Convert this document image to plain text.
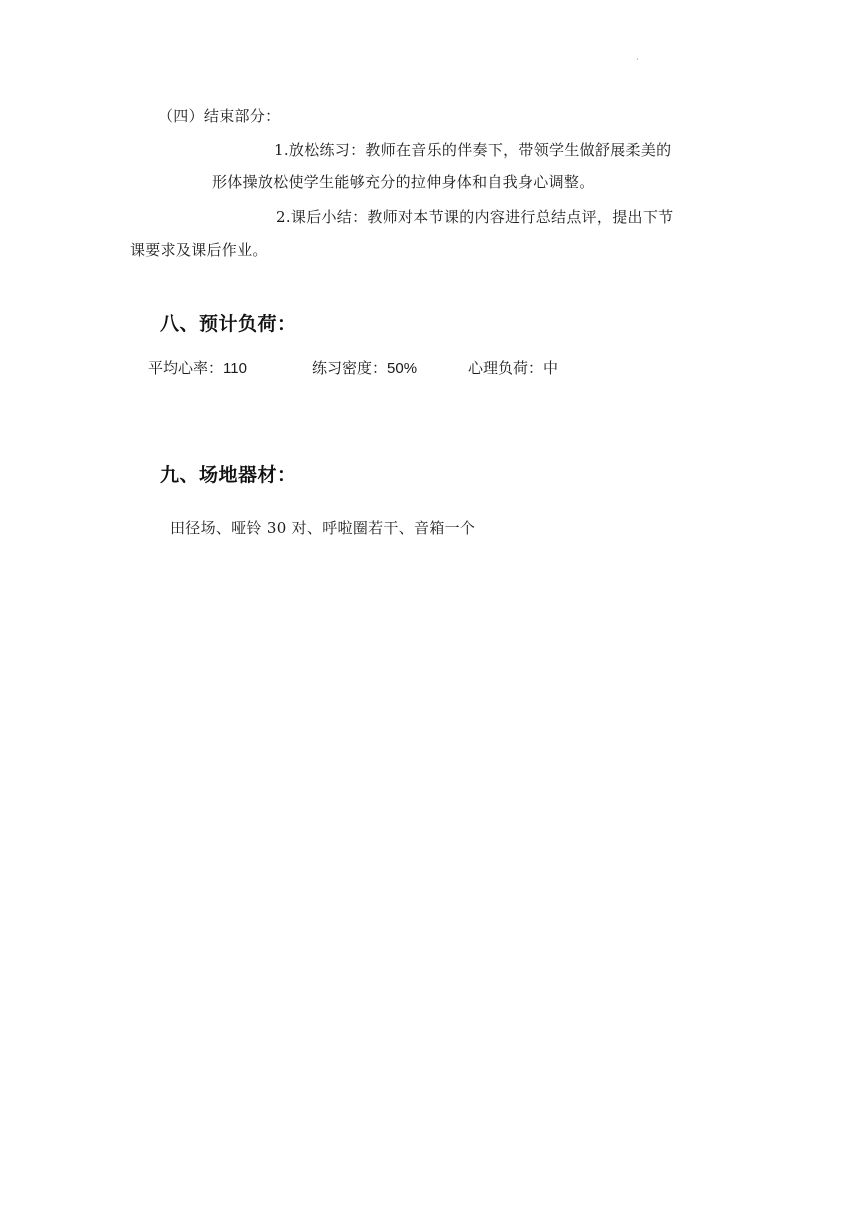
·
（四）结束部分：
1.放松练习：教师在音乐的伴奏下，带领学生做舒展柔美的
形体操放松使学生能够充分的拉伸身体和自我身心调整。
2.课后小结：教师对本节课的内容进行总结点评，提出下节
课要求及课后作业。
八、预计负荷：
平均心率：110	练习密度：50%	心理负荷：中
九、场地器材：
田径场、哑铃 30 对、呼啦圈若干、音箱一个
